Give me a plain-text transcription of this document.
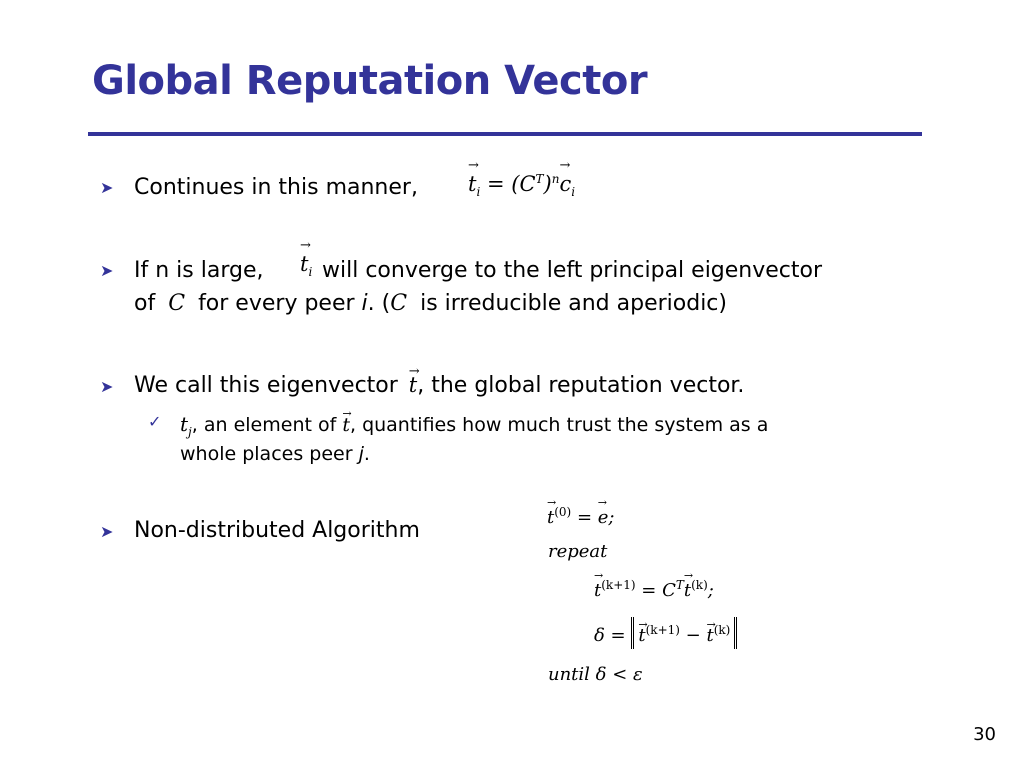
Global Reputation Vector
➤ Continues in this manner, → $t_i = (C^T)^n\to c_i$
➤ If n is large, → $t_i$ will converge to the left principal eigenvector
of C for every peer i. (C is irreducible and aperiodic)
➤ We call this eigenvector → t, the global reputation vector.
✓ $t_j$, an element of → t, quantifies how much trust the system as a
whole places peer j.
➤ Non-distributed Algorithm
→ $t^{(0)}$ = → e;
repeat
→ $t^{(k+1)} = C^T\to t^{(k)}$;
δ = → $t^{(k+1)}$ − → $t^{(k)}$
until δ < ε
30
